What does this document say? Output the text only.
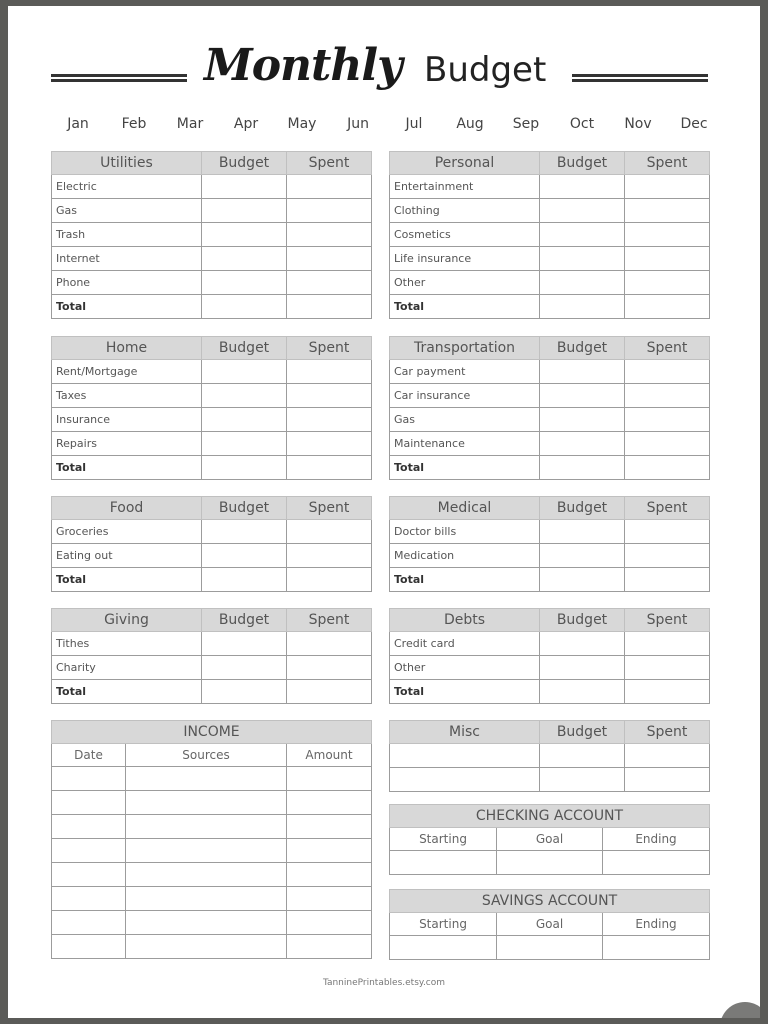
Monthly Budget
Jan	Feb	Mar	Apr	May	Jun	Jul	Aug	Sep	Oct	Nov	Dec
Utilities	Budget	Spent
Electric		
Gas		
Trash		
Internet		
Phone		
Total		
Personal	Budget	Spent
Entertainment		
Clothing		
Cosmetics		
Life insurance		
Other		
Total		
Home	Budget	Spent
Rent/Mortgage		
Taxes		
Insurance		
Repairs		
Total		
Transportation	Budget	Spent
Car payment		
Car insurance		
Gas		
Maintenance		
Total		
Food	Budget	Spent
Groceries		
Eating out		
Total		
Medical	Budget	Spent
Doctor bills		
Medication		
Total		
Giving	Budget	Spent
Tithes		
Charity		
Total		
Debts	Budget	Spent
Credit card		
Other		
Total		
INCOME		
Date	Sources	Amount

Misc	Budget	Spent

CHECKING ACCOUNT		
Starting	Goal	Ending

SAVINGS ACCOUNT		
Starting	Goal	Ending

TanninePrintables.etsy.com
